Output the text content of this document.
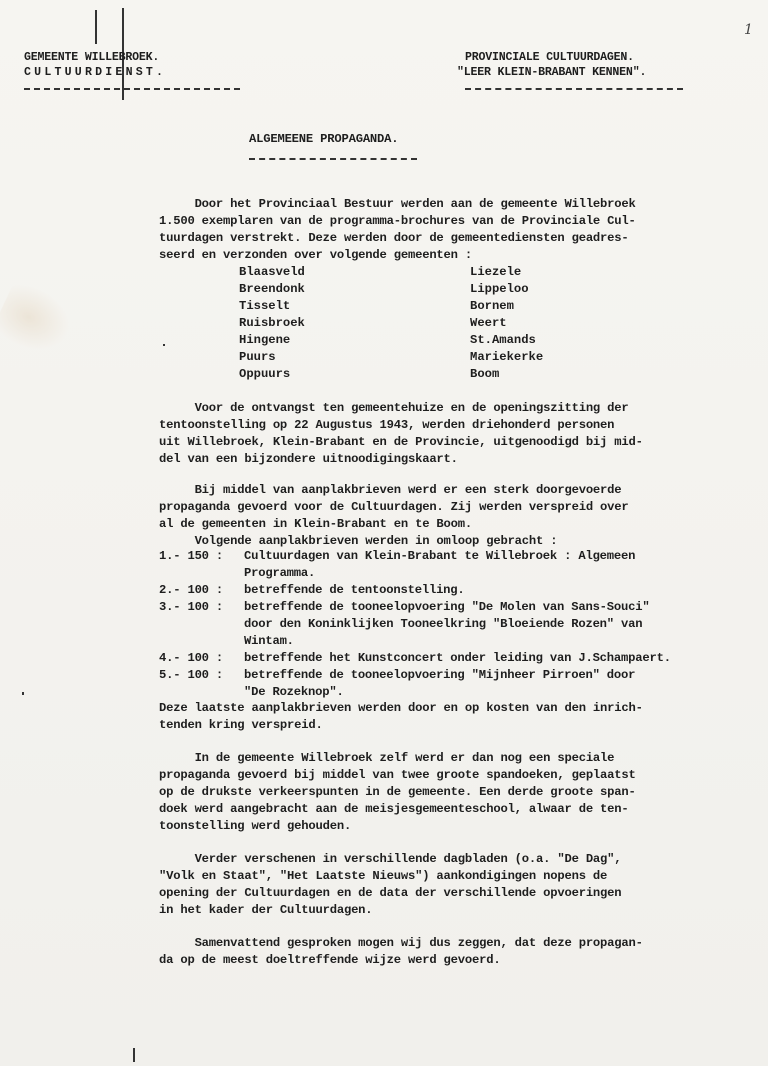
1
GEMEENTE WILLEBROEK.
CULTUURDIENST.
PROVINCIALE CULTUURDAGEN.
"LEER KLEIN-BRABANT KENNEN".
ALGEMEENE PROPAGANDA.
Door het Provinciaal Bestuur werden aan de gemeente Willebroek
1.500 exemplaren van de programma-brochures van de Provinciale Cul-
tuurdagen verstrekt. Deze werden door de gemeentediensten geadres-
seerd en verzonden over volgende gemeenten :
Blaasveld
Breendonk
Tisselt
Ruisbroek
Hingene
Puurs
Oppuurs
Liezele
Lippeloo
Bornem
Weert
St.Amands
Mariekerke
Boom
Voor de ontvangst ten gemeentehuize en de openingszitting der
tentoonstelling op 22 Augustus 1943, werden driehonderd personen
uit Willebroek, Klein-Brabant en de Provincie, uitgenoodigd bij mid-
del van een bijzondere uitnoodigingskaart.
Bij middel van aanplakbrieven werd er een sterk doorgevoerde
propaganda gevoerd voor de Cultuurdagen. Zij werden verspreid over
al de gemeenten in Klein-Brabant en te Boom.
Volgende aanplakbrieven werden in omloop gebracht :
1.- 150 : Cultuurdagen van Klein-Brabant te Willebroek : Algemeen
Programma.
2.- 100 : betreffende de tentoonstelling.
3.- 100 : betreffende de tooneelopvoering "De Molen van Sans-Souci"
door den Koninklijken Tooneelkring "Bloeiende Rozen" van
Wintam.
4.- 100 : betreffende het Kunstconcert onder leiding van J.Schampaert.
5.- 100 : betreffende de tooneelopvoering "Mijnheer Pirroen" door
"De Rozeknop".
Deze laatste aanplakbrieven werden door en op kosten van den inrich-
tenden kring verspreid.
In de gemeente Willebroek zelf werd er dan nog een speciale
propaganda gevoerd bij middel van twee groote spandoeken, geplaatst
op de drukste verkeerspunten in de gemeente. Een derde groote span-
doek werd aangebracht aan de meisjesgemeenteschool, alwaar de ten-
toonstelling werd gehouden.
Verder verschenen in verschillende dagbladen (o.a. "De Dag",
"Volk en Staat", "Het Laatste Nieuws") aankondigingen nopens de
opening der Cultuurdagen en de data der verschillende opvoeringen
in het kader der Cultuurdagen.
Samenvattend gesproken mogen wij dus zeggen, dat deze propagan-
da op de meest doeltreffende wijze werd gevoerd.
